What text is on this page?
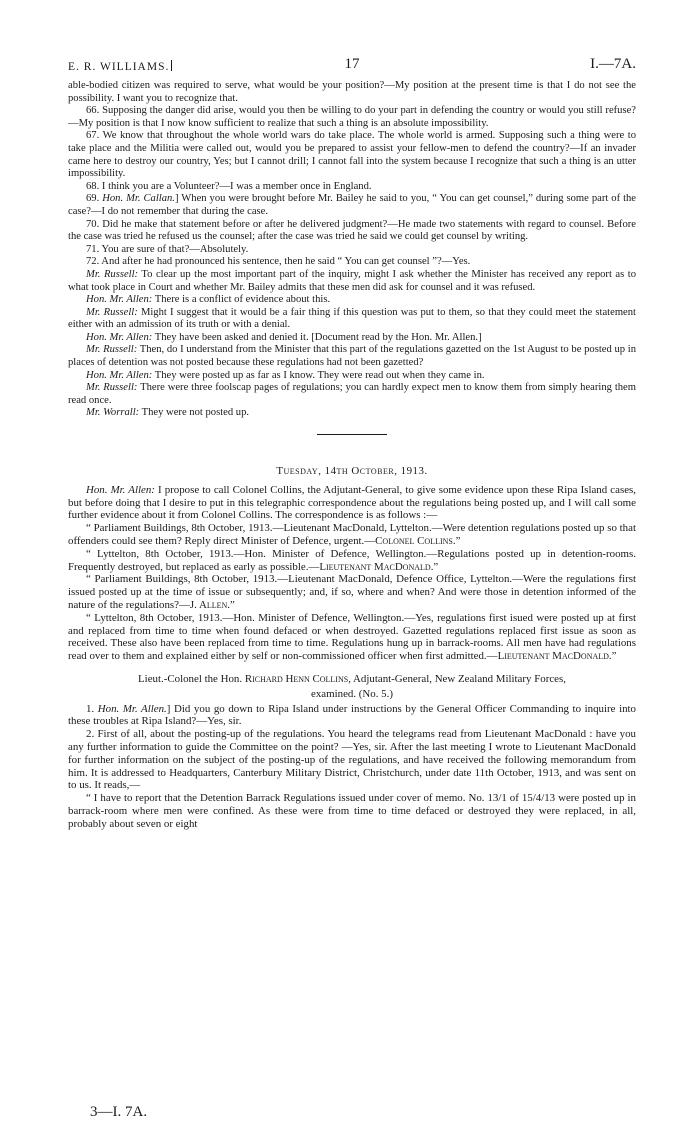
E. R. WILLIAMS.	17	I.—7A.

able-bodied citizen was required to serve, what would be your position?—My position at the present time is that I do not see the possibility. I want you to recognize that.

66. Supposing the danger did arise, would you then be willing to do your part in defending the country or would you still refuse?—My position is that I now know sufficient to realize that such a thing is an absolute impossibility.

67. We know that throughout the whole world wars do take place. The whole world is armed. Supposing such a thing were to take place and the Militia were called out, would you be prepared to assist your fellow-men to defend the country?—If an invader came here to destroy our country, Yes; but I cannot drill; I cannot fall into the system because I recognize that such a thing is an utter impossibility.

68. I think you are a Volunteer?—I was a member once in England.

69. Hon. Mr. Callan.] When you were brought before Mr. Bailey he said to you, “ You can get counsel,” during some part of the case?—I do not remember that during the case.

70. Did he make that statement before or after he delivered judgment?—He made two statements with regard to counsel. Before the case was tried he refused us the counsel; after the case was tried he said we could get counsel by writing.

71. You are sure of that?—Absolutely.

72. And after he had pronounced his sentence, then he said “ You can get counsel ”?—Yes.

Mr. Russell: To clear up the most important part of the inquiry, might I ask whether the Minister has received any report as to what took place in Court and whether Mr. Bailey admits that these men did ask for counsel and it was refused.

Hon. Mr. Allen: There is a conflict of evidence about this.

Mr. Russell: Might I suggest that it would be a fair thing if this question was put to them, so that they could meet the statement either with an admission of its truth or with a denial.

Hon. Mr. Allen: They have been asked and denied it. [Document read by the Hon. Mr. Allen.]

Mr. Russell: Then, do I understand from the Minister that this part of the regulations gazetted on the 1st August to be posted up in places of detention was not posted because these regulations had not been gazetted?

Hon. Mr. Allen: They were posted up as far as I know. They were read out when they came in.

Mr. Russell: There were three foolscap pages of regulations; you can hardly expect men to know them from simply hearing them read once.

Mr. Worrall: They were not posted up.

Tuesday, 14th October, 1913.

Hon. Mr. Allen: I propose to call Colonel Collins, the Adjutant-General, to give some evidence upon these Ripa Island cases, but before doing that I desire to put in this telegraphic correspondence about the regulations being posted up, and I will call some further evidence about it from Colonel Collins. The correspondence is as follows :—

“ Parliament Buildings, 8th October, 1913.—Lieutenant MacDonald, Lyttelton.—Were detention regulations posted up so that offenders could see them? Reply direct Minister of Defence, urgent.—Colonel Collins.”

“ Lyttelton, 8th October, 1913.—Hon. Minister of Defence, Wellington.—Regulations posted up in detention-rooms. Frequently destroyed, but replaced as early as possible.—Lieutenant MacDonald.”

“ Parliament Buildings, 8th October, 1913.—Lieutenant MacDonald, Defence Office, Lyttelton.—Were the regulations first issued posted up at the time of issue or subsequently; and, if so, where and when? And were those in detention informed of the nature of the regulations?—J. Allen.”

“ Lyttelton, 8th October, 1913.—Hon. Minister of Defence, Wellington.—Yes, regulations first isued were posted up at first and replaced from time to time when found defaced or when destroyed. Gazetted regulations replaced first issue as soon as received. These also have been replaced from time to time. Regulations hung up in barrack-rooms. All men have had regulations read over to them and explained either by self or non-commissioned officer when first admitted.—Lieutenant MacDonald.”

Lieut.-Colonel the Hon. Richard Henn Collins, Adjutant-General, New Zealand Military Forces,

examined. (No. 5.)

1. Hon. Mr. Allen.] Did you go down to Ripa Island under instructions by the General Officer Commanding to inquire into these troubles at Ripa Island?—Yes, sir.

2. First of all, about the posting-up of the regulations. You heard the telegrams read from Lieutenant MacDonald : have you any further information to guide the Committee on the point? —Yes, sir. After the last meeting I wrote to Lieutenant MacDonald for further information on the subject of the posting-up of the regulations, and have received the following memorandum from him. It is addressed to Headquarters, Canterbury Military District, Christchurch, under date 11th October, 1913, and was sent on to us. It reads,—

“ I have to report that the Detention Barrack Regulations issued under cover of memo. No. 13/1 of 15/4/13 were posted up in barrack-room where men were confined. As these were from time to time defaced or destroyed they were replaced, in all, probably about seven or eight

3—I. 7A.
